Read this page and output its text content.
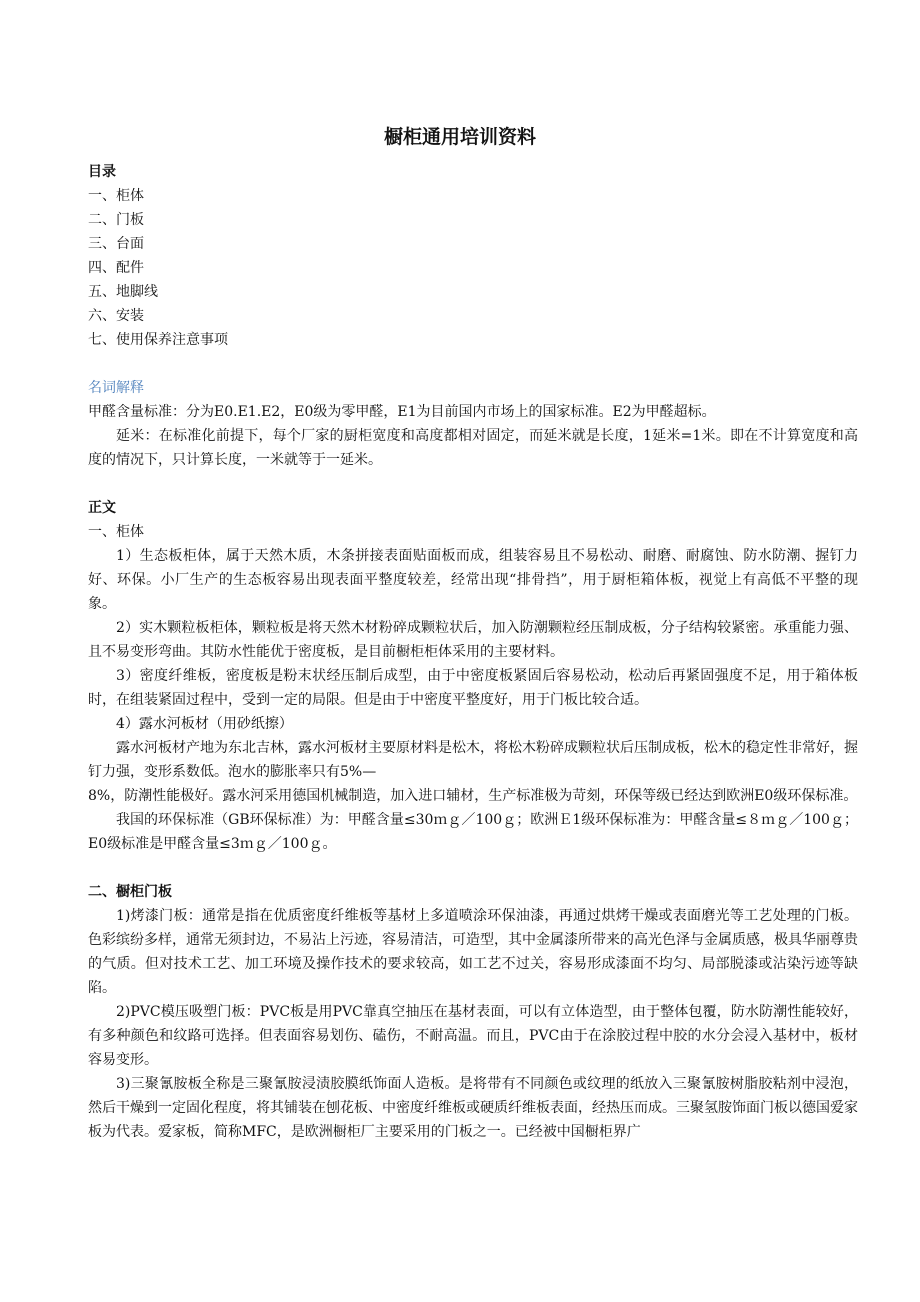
橱柜通用培训资料

目录

一、柜体

二、门板

三、台面

四、配件

五、地脚线

六、安装

七、使用保养注意事项

名词解释

甲醛含量标准：分为E0.E1.E2，E0级为零甲醛，E1为目前国内市场上的国家标准。E2为甲醛超标。

延米：在标准化前提下，每个厂家的厨柜宽度和高度都相对固定，而延米就是长度，1延米=1米。即在不计算宽度和高度的情况下，只计算长度，一米就等于一延米。

正文

一、柜体

1）生态板柜体，属于天然木质，木条拼接表面贴面板而成，组装容易且不易松动、耐磨、耐腐蚀、防水防潮、握钉力好、环保。小厂生产的生态板容易出现表面平整度较差，经常出现“排骨挡”，用于厨柜箱体板，视觉上有高低不平整的现象。

2）实木颗粒板柜体，颗粒板是将天然木材粉碎成颗粒状后，加入防潮颗粒经压制成板，分子结构较紧密。承重能力强、且不易变形弯曲。其防水性能优于密度板，是目前橱柜柜体采用的主要材料。

3）密度纤维板，密度板是粉末状经压制后成型，由于中密度板紧固后容易松动，松动后再紧固强度不足，用于箱体板时，在组装紧固过程中，受到一定的局限。但是由于中密度平整度好，用于门板比较合适。

4）露水河板材（用砂纸擦）

露水河板材产地为东北吉林，露水河板材主要原材料是松木，将松木粉碎成颗粒状后压制成板，松木的稳定性非常好，握钉力强，变形系数低。泡水的膨胀率只有5%—

8%，防潮性能极好。露水河采用德国机械制造，加入进口辅材，生产标准极为苛刻，环保等级已经达到欧洲E0级环保标准。

我国的环保标准（GB环保标准）为：甲醛含量≤30ｍｇ／100ｇ；欧洲Ｅ1级环保标准为：甲醛含量≤８ｍｇ／100ｇ；E0级标准是甲醛含量≤3ｍｇ／100ｇ。

二、橱柜门板

1)烤漆门板：通常是指在优质密度纤维板等基材上多道喷涂环保油漆，再通过烘烤干燥或表面磨光等工艺处理的门板。色彩缤纷多样，通常无须封边，不易沾上污迹，容易清洁，可造型，其中金属漆所带来的高光色泽与金属质感，极具华丽尊贵的气质。但对技术工艺、加工环境及操作技术的要求较高，如工艺不过关，容易形成漆面不均匀、局部脱漆或沾染污迹等缺陷。

2)PVC模压吸塑门板：PVC板是用PVC靠真空抽压在基材表面，可以有立体造型，由于整体包覆，防水防潮性能较好，有多种颜色和纹路可选择。但表面容易划伤、磕伤，不耐高温。而且，PVC由于在涂胶过程中胶的水分会浸入基材中，板材容易变形。

3)三聚氰胺板全称是三聚氰胺浸渍胶膜纸饰面人造板。是将带有不同颜色或纹理的纸放入三聚氰胺树脂胶粘剂中浸泡，然后干燥到一定固化程度，将其铺装在刨花板、中密度纤维板或硬质纤维板表面，经热压而成。三聚氢胺饰面门板以德国爱家板为代表。爱家板，简称MFC，是欧洲橱柜厂主要采用的门板之一。已经被中国橱柜界广
